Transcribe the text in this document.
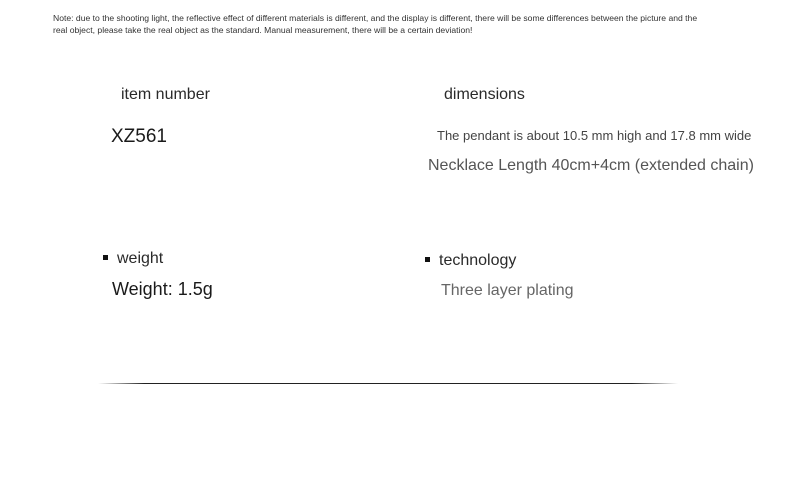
Note: due to the shooting light, the reflective effect of different materials is different, and the display is different, there will be some differences between the picture and the real object, please take the real object as the standard. Manual measurement, there will be a certain deviation!
item number
XZ561
dimensions
The pendant is about 10.5 mm high and 17.8 mm wide
Necklace Length 40cm+4cm (extended chain)
weight
Weight: 1.5g
technology
Three layer plating
